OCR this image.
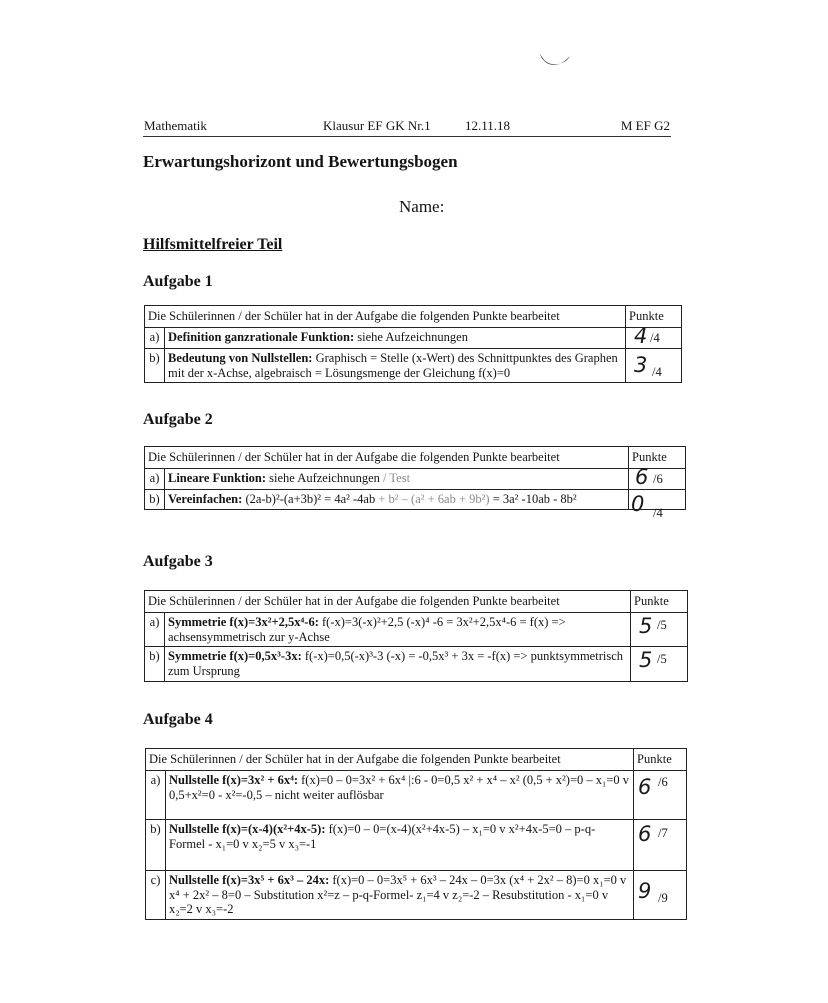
Mathematik	Klausur EF GK Nr.1	12.11.18	M EF G2
Erwartungshorizont und Bewertungsbogen
Name:
Hilfsmittelfreier Teil
Aufgabe 1
Die Schülerinnen / der Schüler hat in der Aufgabe die folgenden Punkte bearbeitet		Punkte
a)	Definition ganzrationale Funktion: siehe Aufzeichnungen	4 /4

b)	Bedeutung von Nullstellen: Graphisch = Stelle (x-Wert) des Schnittpunktes des Graphen mit der x-Achse, algebraisch = Lösungsmenge der Gleichung f(x)=0	3 /4
Aufgabe 2
Die Schülerinnen / der Schüler hat in der Aufgabe die folgenden Punkte bearbeitet		Punkte
a)	Lineare Funktion: siehe Aufzeichnungen / Test	6 /6

b)	Vereinfachen: (2a-b)²-(a+3b)² = 4a² -4ab + b² – (a² + 6ab + 9b²) = 3a² -10ab - 8b²	0 /4
Aufgabe 3
Die Schülerinnen / der Schüler hat in der Aufgabe die folgenden Punkte bearbeitet		Punkte
a)	Symmetrie f(x)=3x²+2,5x⁴-6: f(-x)=3(-x)²+2,5 (-x)⁴ -6 = 3x²+2,5x⁴-6 = f(x) => achsensymmetrisch zur y-Achse	5 /5

b)	Symmetrie f(x)=0,5x³-3x: f(-x)=0,5(-x)³-3 (-x) = -0,5x³ + 3x = -f(x) => punktsymmetrisch zum Ursprung	5 /5
Aufgabe 4
Die Schülerinnen / der Schüler hat in der Aufgabe die folgenden Punkte bearbeitet		Punkte
a)	Nullstelle f(x)=3x² + 6x⁴: f(x)=0 – 0=3x² + 6x⁴ |:6 - 0=0,5 x² + x⁴ – x² (0,5 + x²)=0 – x₁=0 v 0,5+x²=0 - x²=-0,5 – nicht weiter auflösbar	6 /6

b)	Nullstelle f(x)=(x-4)(x²+4x-5): f(x)=0 – 0=(x-4)(x²+4x-5) – x₁=0 v x²+4x-5=0 – p-q-Formel - x₁=0 v x₂=5 v x₃=-1	6 /7

c)	Nullstelle f(x)=3x⁵ + 6x³ – 24x: f(x)=0 – 0=3x⁵ + 6x³ – 24x – 0=3x (x⁴ + 2x² – 8)=0 x₁=0 v x⁴ + 2x² – 8=0 – Substitution x²=z – p-q-Formel- z₁=4 v z₂=-2 – Resubstitution - x₁=0 v x₂=2 v x₃=-2	9 /9
